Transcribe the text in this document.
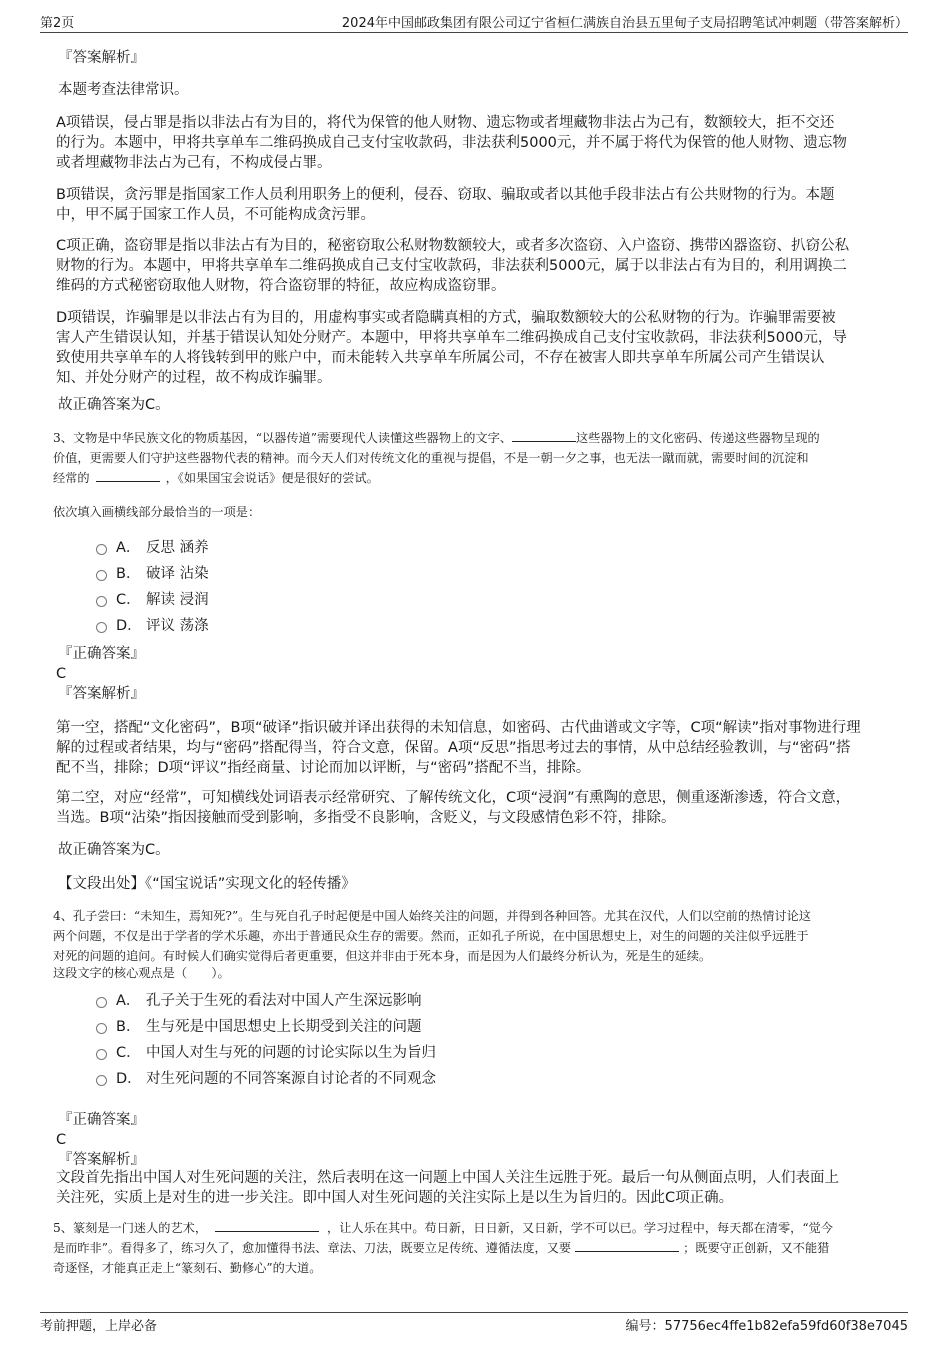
第2页	2024年中国邮政集团有限公司辽宁省桓仁满族自治县五里甸子支局招聘笔试冲刺题（带答案解析）
『答案解析』
本题考查法律常识。

A项错误，侵占罪是指以非法占有为目的，将代为保管的他人财物、遗忘物或者埋藏物非法占为己有，数额较大，拒不交还

的行为。本题中，甲将共享单车二维码换成自己支付宝收款码，非法获利5000元，并不属于将代为保管的他人财物、遗忘物

或者埋藏物非法占为己有，不构成侵占罪。

B项错误，贪污罪是指国家工作人员利用职务上的便利，侵吞、窃取、骗取或者以其他手段非法占有公共财物的行为。本题

中，甲不属于国家工作人员，不可能构成贪污罪。

C项正确，盗窃罪是指以非法占有为目的，秘密窃取公私财物数额较大，或者多次盗窃、入户盗窃、携带凶器盗窃、扒窃公私

财物的行为。本题中，甲将共享单车二维码换成自己支付宝收款码，非法获利5000元，属于以非法占有为目的，利用调换二

维码的方式秘密窃取他人财物，符合盗窃罪的特征，故应构成盗窃罪。

D项错误，诈骗罪是以非法占有为目的，用虚构事实或者隐瞒真相的方式，骗取数额较大的公私财物的行为。诈骗罪需要被

害人产生错误认知，并基于错误认知处分财产。本题中，甲将共享单车二维码换成自己支付宝收款码，非法获利5000元，导

致使用共享单车的人将钱转到甲的账户中，而未能转入共享单车所属公司，不存在被害人即共享单车所属公司产生错误认

知、并处分财产的过程，故不构成诈骗罪。

故正确答案为C。

3、文物是中华民族文化的物质基因，“以器传道”需要现代人读懂这些器物上的文字、	这些器物上的文化密码、传递这些器物呈现的

价值，更需要人们守护这些器物代表的精神。而今天人们对传统文化的重视与提倡，不是一朝一夕之事，也无法一蹴而就，需要时间的沉淀和

经常的	，《如果国宝会说话》便是很好的尝试。

依次填入画横线部分最恰当的一项是：
A． 反思 涵养
B． 破译 沾染
C． 解读 浸润
D． 评议 荡涤
『正确答案』
C
『答案解析』

第一空，搭配“文化密码”，B项“破译”指识破并译出获得的未知信息，如密码、古代曲谱或文字等，C项“解读”指对事物进行理

解的过程或者结果，均与“密码”搭配得当，符合文意，保留。A项“反思”指思考过去的事情，从中总结经验教训，与“密码”搭

配不当，排除；D项“评议”指经商量、讨论而加以评断，与“密码”搭配不当，排除。

第二空，对应“经常”，可知横线处词语表示经常研究、了解传统文化，C项“浸润”有熏陶的意思，侧重逐渐渗透，符合文意，

当选。B项“沾染”指因接触而受到影响，多指受不良影响，含贬义，与文段感情色彩不符，排除。

故正确答案为C。
【文段出处】《“国宝说话”实现文化的轻传播》

4、孔子尝曰：“未知生，焉知死?”。生与死自孔子时起便是中国人始终关注的问题，并得到各种回答。尤其在汉代，人们以空前的热情讨论这

两个问题，不仅是出于学者的学术乐趣，亦出于普通民众生存的需要。然而，正如孔子所说，在中国思想史上，对生的问题的关注似乎远胜于

对死的问题的追问。有时候人们确实觉得后者更重要，但这并非由于死本身，而是因为人们最终分析认为，死是生的延续。

这段文字的核心观点是（　　）。

A． 孔子关于生死的看法对中国人产生深远影响
B． 生与死是中国思想史上长期受到关注的问题
C． 中国人对生与死的问题的讨论实际以生为旨归
D． 对生死问题的不同答案源自讨论者的不同观念
『正确答案』
C
『答案解析』

文段首先指出中国人对生死问题的关注，然后表明在这一问题上中国人关注生远胜于死。最后一句从侧面点明，人们表面上

关注死，实质上是对生的进一步关注。即中国人对生死问题的关注实际上是以生为旨归的。因此C项正确。

5、篆刻是一门迷人的艺术，	，让人乐在其中。苟日新，日日新，又日新，学不可以已。学习过程中，每天都在清零，“觉今

是而昨非”。看得多了，练习久了，愈加懂得书法、章法、刀法，既要立足传统、遵循法度，又要	；既要守正创新，又不能猎

奇逐怪，才能真正走上“篆刻石、勤修心”的大道。

考前押题，上岸必备	编号：57756ec4ffe1b82efa59fd60f38e7045
